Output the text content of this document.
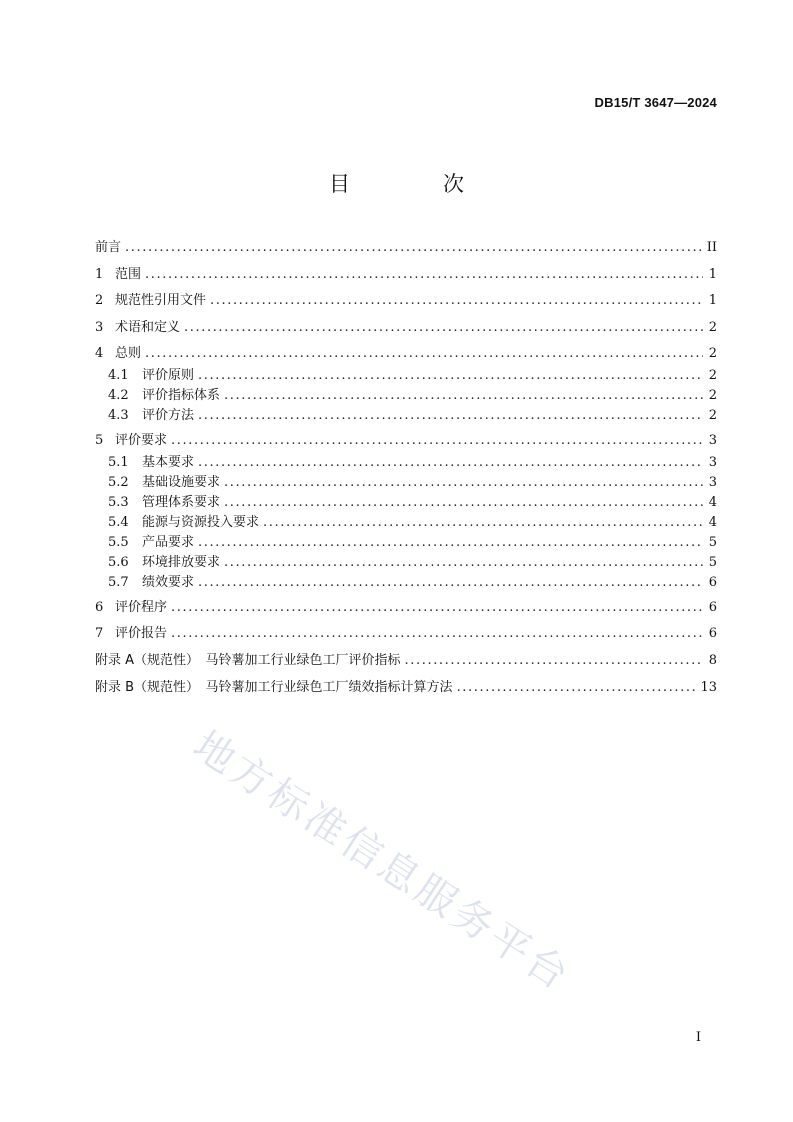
DB15/T 3647—2024
目　次
前言 .....	II
1 范围 .....	1
2 规范性引用文件 .....	1
3 术语和定义 .....	2
4 总则 .....	2
4.1	评价原则 .....	2
4.2	评价指标体系 .....	2
4.3	评价方法 .....	2
5 评价要求 .....	3
5.1	基本要求 .....	3
5.2	基础设施要求 .....	3
5.3	管理体系要求 .....	4
5.4	能源与资源投入要求 .....	4
5.5	产品要求 .....	5
5.6	环境排放要求 .....	5
5.7	绩效要求 .....	6
6 评价程序 .....	6
7 评价报告 .....	6
附录 A（规范性）　马铃薯加工行业绿色工厂评价指标 .....	8
附录 B（规范性）　马铃薯加工行业绿色工厂绩效指标计算方法 .....	13
地方标准信息服务平台
I
